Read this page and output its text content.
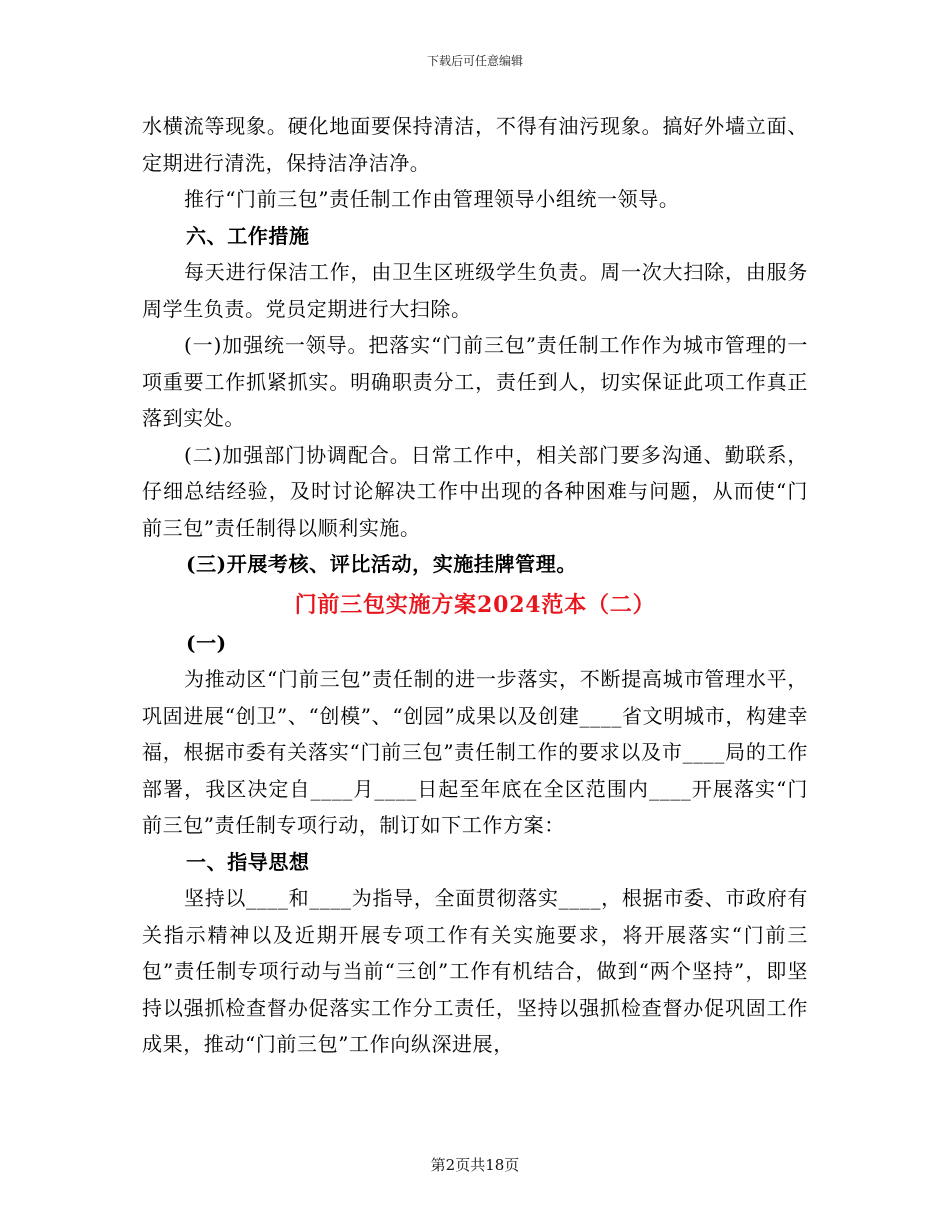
下载后可任意编辑

水横流等现象。硬化地面要保持清洁，不得有油污现象。搞好外墙立面、定期进行清洗，保持洁净洁净。

推行“门前三包”责任制工作由管理领导小组统一领导。

六、工作措施

每天进行保洁工作，由卫生区班级学生负责。周一次大扫除，由服务周学生负责。党员定期进行大扫除。

(一)加强统一领导。把落实“门前三包”责任制工作作为城市管理的一项重要工作抓紧抓实。明确职责分工，责任到人，切实保证此项工作真正落到实处。

(二)加强部门协调配合。日常工作中，相关部门要多沟通、勤联系，仔细总结经验，及时讨论解决工作中出现的各种困难与问题，从而使“门前三包”责任制得以顺利实施。

(三)开展考核、评比活动，实施挂牌管理。

门前三包实施方案2024范本（二）

(一)

为推动区“门前三包”责任制的进一步落实，不断提高城市管理水平，巩固进展“创卫”、“创模”、“创园”成果以及创建____省文明城市，构建幸福，根据市委有关落实“门前三包”责任制工作的要求以及市____局的工作部署，我区决定自____月____日起至年底在全区范围内____开展落实“门前三包”责任制专项行动，制订如下工作方案：

一、指导思想

坚持以____和____为指导，全面贯彻落实____，根据市委、市政府有关指示精神以及近期开展专项工作有关实施要求，将开展落实“门前三包”责任制专项行动与当前“三创”工作有机结合，做到“两个坚持”，即坚持以强抓检查督办促落实工作分工责任，坚持以强抓检查督办促巩固工作成果，推动“门前三包”工作向纵深进展，

第2页共18页
